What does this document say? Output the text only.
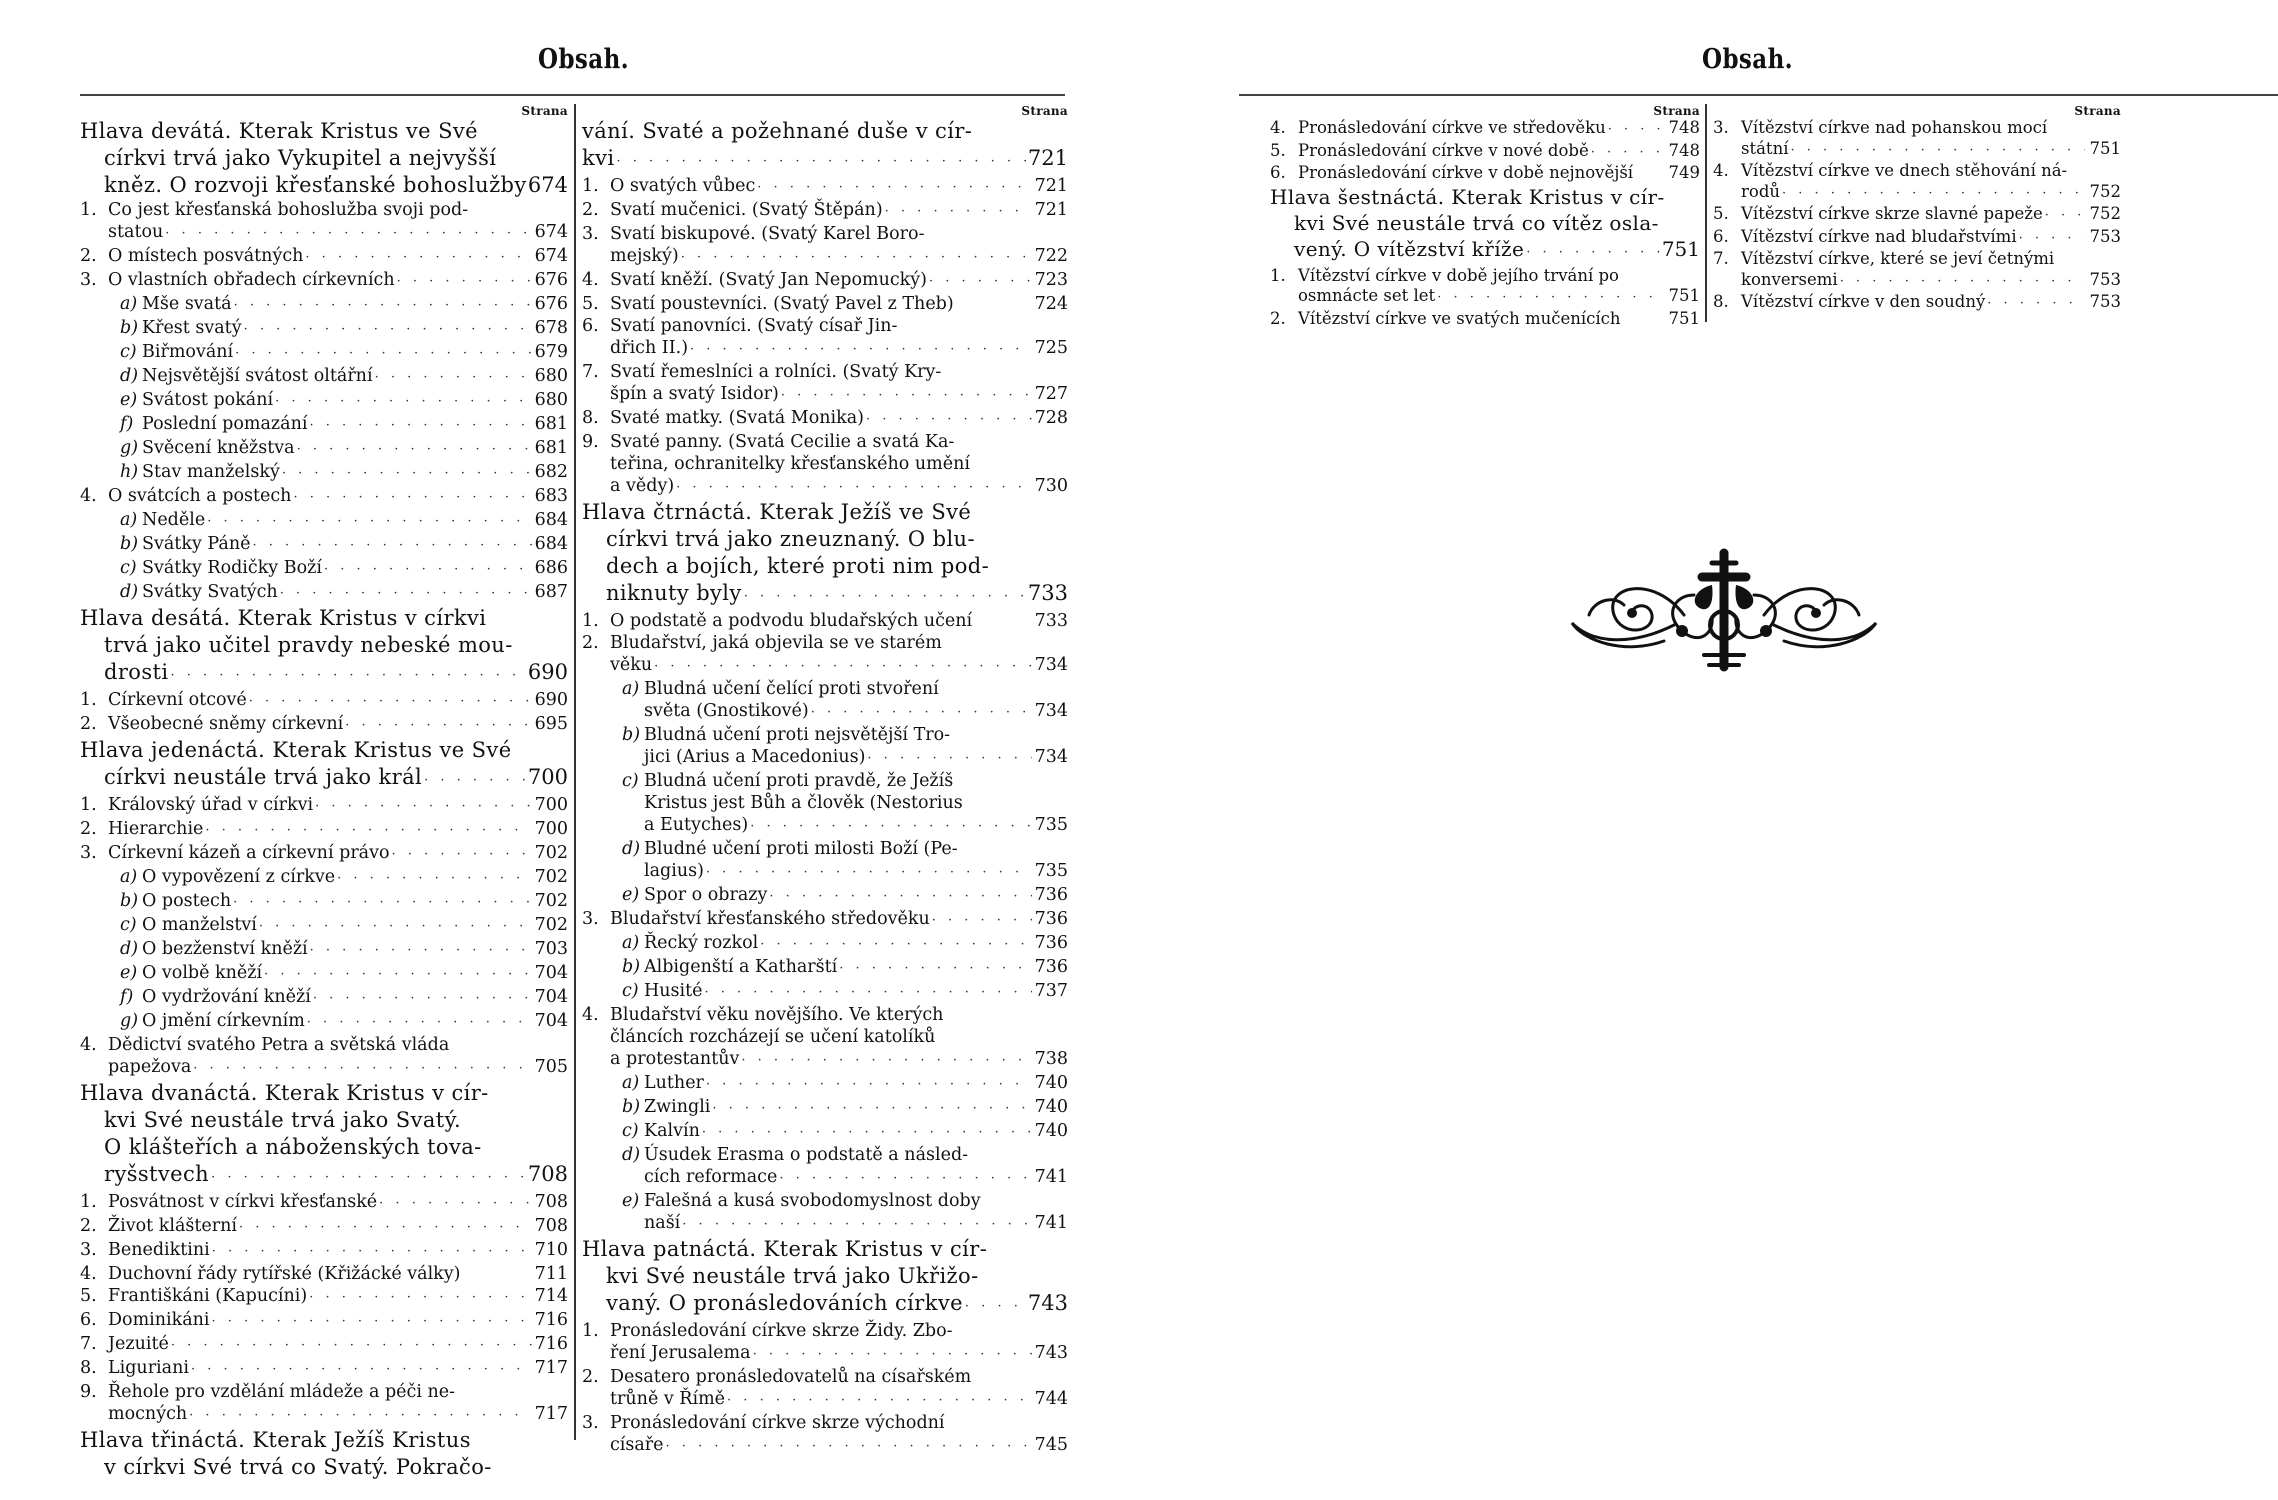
Obsah.
Strana
Hlava devátá. Kterak Kristus ve Své
církvi trvá jako Vykupitel a nejvyšší
kněz. O rozvoji křesťanské bohoslužby 674
1. Co jest křesťanská bohoslužba svoji pod-
statou · · ·	674
2. O místech posvátných · · ·	674
3. O vlastních obřadech církevních · · ·	676
a) Mše svatá · · ·	676
b) Křest svatý · · ·	678
c) Biřmování · · ·	679
d) Nejsvětější svátost oltářní · · ·	680
e) Svátost pokání · · ·	680
f) Poslední pomazání · · ·	681
g) Svěcení kněžstva · · ·	681
h) Stav manželský · · ·	682
4. O svátcích a postech · · ·	683
a) Neděle · · ·	684
b) Svátky Páně · · ·	684
c) Svátky Rodičky Boží · · ·	686
d) Svátky Svatých · · ·	687
Hlava desátá. Kterak Kristus v církvi
trvá jako učitel pravdy nebeské mou-
drosti · · ·	690
1. Církevní otcové · · ·	690
2. Všeobecné sněmy církevní · · ·	695
Hlava jedenáctá. Kterak Kristus ve Své
církvi neustále trvá jako král · · ·	700
1. Královský úřad v církvi · · ·	700
2. Hierarchie · · ·	700
3. Církevní kázeň a církevní právo · · ·	702
a) O vypovězení z církve · · ·	702
b) O postech · · ·	702
c) O manželství · · ·	702
d) O bezženství kněží · · ·	703
e) O volbě kněží · · ·	704
f) O vydržování kněží · · ·	704
g) O jmění církevním · · ·	704
4. Dědictví svatého Petra a světská vláda
papežova · · ·	705
Hlava dvanáctá. Kterak Kristus v cír-
kvi Své neustále trvá jako Svatý.
O klášteřích a náboženských tova-
ryšstvech · · ·	708
1. Posvátnost v církvi křesťanské · · ·	708
2. Život klášterní · · ·	708
3. Benediktini · · ·	710
4. Duchovní řády rytířské (Křižácké války)	711
5. Františkáni (Kapucíni) · · ·	714
6. Dominikáni · · ·	716
7. Jezuité · · ·	716
8. Liguriani · · ·	717
9. Řehole pro vzdělání mládeže a péči ne-
mocných · · ·	717
Hlava třináctá. Kterak Ježíš Kristus
v církvi Své trvá co Svatý. Pokračo-
Strana
vání. Svaté a požehnané duše v cír-
kvi · · ·	721
1. O svatých vůbec · · ·	721
2. Svatí mučenici. (Svatý Štěpán) · · ·	721
3. Svatí biskupové. (Svatý Karel Boro-
mejský) · · ·	722
4. Svatí kněží. (Svatý Jan Nepomucký) · · ·	723
5. Svatí poustevníci. (Svatý Pavel z Theb)	724
6. Svatí panovníci. (Svatý císař Jin-
dřich II.) · · ·	725
7. Svatí řemeslníci a rolníci. (Svatý Kry-
špín a svatý Isidor) · · ·	727
8. Svaté matky. (Svatá Monika) · · ·	728
9. Svaté panny. (Svatá Cecilie a svatá Ka-
teřina, ochranitelky křesťanského umění
a vědy) · · ·	730
Hlava čtrnáctá. Kterak Ježíš ve Své
církvi trvá jako zneuznaný. O blu-
dech a bojích, které proti nim pod-
niknuty byly · · ·	733
1. O podstatě a podvodu bludařských učení	733
2. Bludařství, jaká objevila se ve starém
věku · · ·	734
a) Bludná učení čelící proti stvoření
světa (Gnostikové) · · ·	734
b) Bludná učení proti nejsvětější Tro-
jici (Arius a Macedonius) · · ·	734
c) Bludná učení proti pravdě, že Ježíš
Kristus jest Bůh a člověk (Nestorius
a Eutyches) · · ·	735
d) Bludné učení proti milosti Boží (Pe-
lagius) · · ·	735
e) Spor o obrazy · · ·	736
3. Bludařství křesťanského středověku · · ·	736
a) Řecký rozkol · · ·	736
b) Albigenští a Katharští · · ·	736
c) Husité · · ·	737
4. Bludařství věku novějšího. Ve kterých
článcích rozcházejí se učení katolíků
a protestantův · · ·	738
a) Luther · · ·	740
b) Zwingli · · ·	740
c) Kalvín · · ·	740
d) Úsudek Erasma o podstatě a násled-
cích reformace · · ·	741
e) Falešná a kusá svobodomyslnost doby
naší · · ·	741
Hlava patnáctá. Kterak Kristus v cír-
kvi Své neustále trvá jako Ukřižo-
vaný. O pronásledováních církve · · ·	743
1. Pronásledování církve skrze Židy. Zbo-
ření Jerusalema · · ·	743
2. Desatero pronásledovatelů na císařském
trůně v Římě · · ·	744
3. Pronásledování církve skrze východní
císaře · · ·	745
Obsah.
Strana
4. Pronásledování církve ve středověku · · ·	748
5. Pronásledování církve v nové době · · ·	748
6. Pronásledování církve v době nejnovější	749
Hlava šestnáctá. Kterak Kristus v cír-
kvi Své neustále trvá co vítěz osla-
vený. O vítězství kříže · · ·	751
1. Vítězství církve v době jejího trvání po
osmnácte set let · · ·	751
2. Vítězství církve ve svatých mučenících	751
Strana
3. Vítězství církve nad pohanskou mocí
státní · · ·	751
4. Vítězství církve ve dnech stěhování ná-
rodů · · ·	752
5. Vítězství církve skrze slavné papeže · · ·	752
6. Vítězství církve nad bludařstvími · · ·	753
7. Vítězství církve, které se jeví četnými
konversemi · · ·	753
8. Vítězství církve v den soudný · · ·	753
